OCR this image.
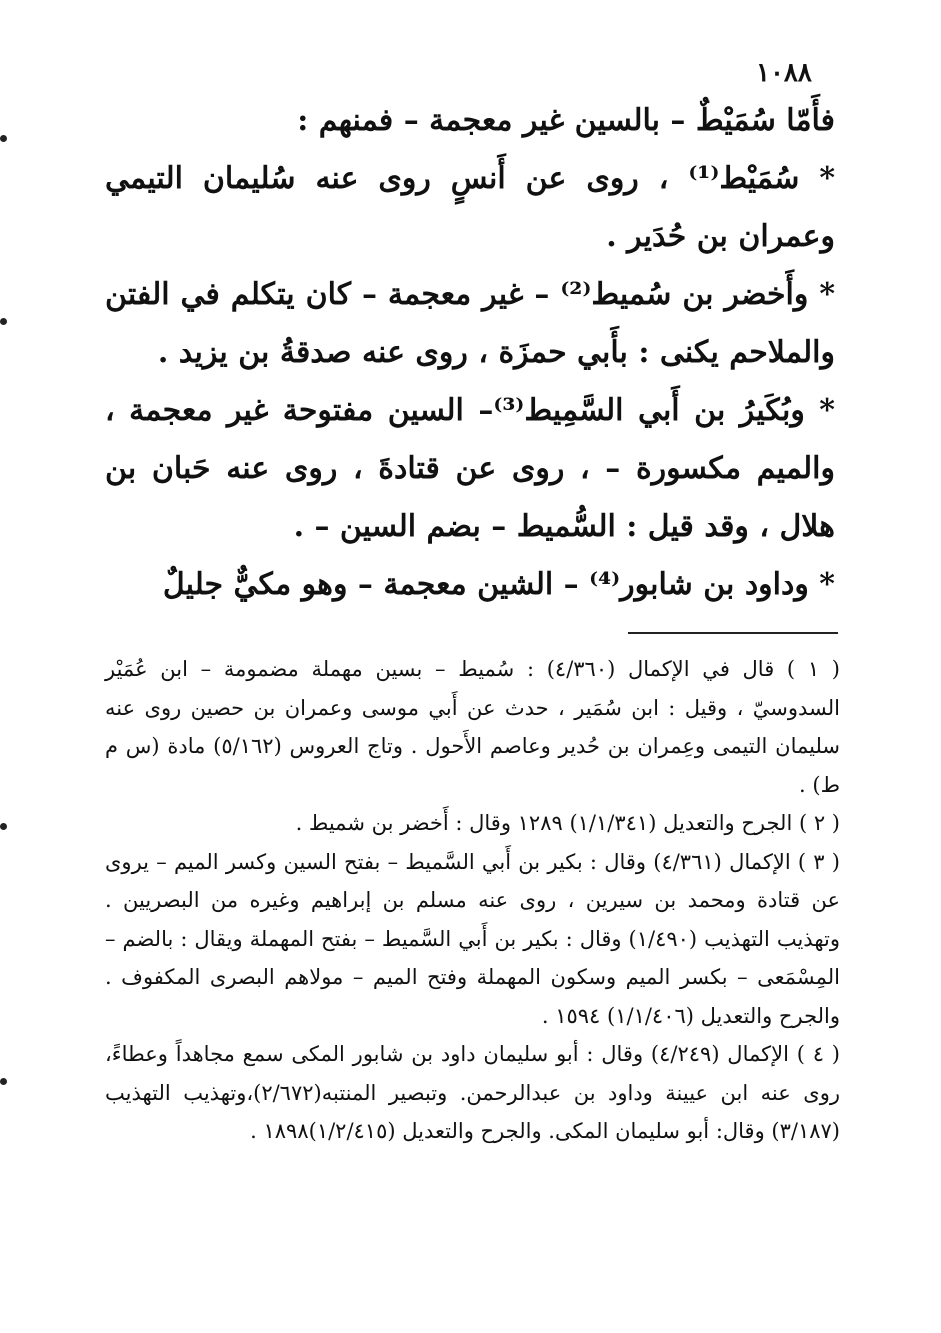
١٠٨٨

فأَمّا سُمَيْطٌ – بالسين غير معجمة – فمنهم :

* سُمَيْط⁽¹⁾ ، روى عن أَنسٍ روى عنه سُليمان التيمي وعمران بن حُدَير .

* وأَخضر بن سُميط⁽²⁾ – غير معجمة – كان يتكلم في الفتن والملاحم يكنى : بأَبي حمزَة ، روى عنه صدقةُ بن يزيد .

* وبُكَيرُ بن أَبي السَّمِيط⁽³⁾– السين مفتوحة غير معجمة ، والميم مكسورة – ، روى عن قتادةَ ، روى عنه حَبان بن هلال ، وقد قيل : السُّميط – بضم السين – .

* وداود بن شابور⁽⁴⁾ – الشين معجمة – وهو مكيٌّ جليلٌ

( ١ ) قال في الإكمال (٤/٣٦٠) : سُميط – بسين مهملة مضمومة – ابن عُمَيْر السدوسيّ ، وقيل : ابن سُمَير ، حدث عن أَبي موسى وعمران بن حصين روى عنه سليمان التيمى وعِمران بن حُدير وعاصم الأَحول . وتاج العروس (٥/١٦٢) مادة (س م ط) .

( ٢ ) الجرح والتعديل (١/١/٣٤١) ١٢٨٩ وقال : أَخضر بن شميط .

( ٣ ) الإكمال (٤/٣٦١) وقال : بكير بن أَبي السَّميط – بفتح السين وكسر الميم – يروى عن قتادة ومحمد بن سيرين ، روى عنه مسلم بن إبراهيم وغيره من البصريين . وتهذيب التهذيب (١/٤٩٠) وقال : بكير بن أَبي السَّميط – بفتح المهملة ويقال : بالضم – المِسْمَعى – بكسر الميم وسكون المهملة وفتح الميم – مولاهم البصرى المكفوف . والجرح والتعديل (١/١/٤٠٦) ١٥٩٤ .

( ٤ ) الإكمال (٤/٢٤٩) وقال : أبو سليمان داود بن شابور المكى سمع مجاهداً وعطاءً، روى عنه ابن عيينة وداود بن عبدالرحمن. وتبصير المنتبه(٢/٦٧٢)،وتهذيب التهذيب (٣/١٨٧) وقال: أبو سليمان المكى. والجرح والتعديل (١/٢/٤١٥)١٨٩٨ .
